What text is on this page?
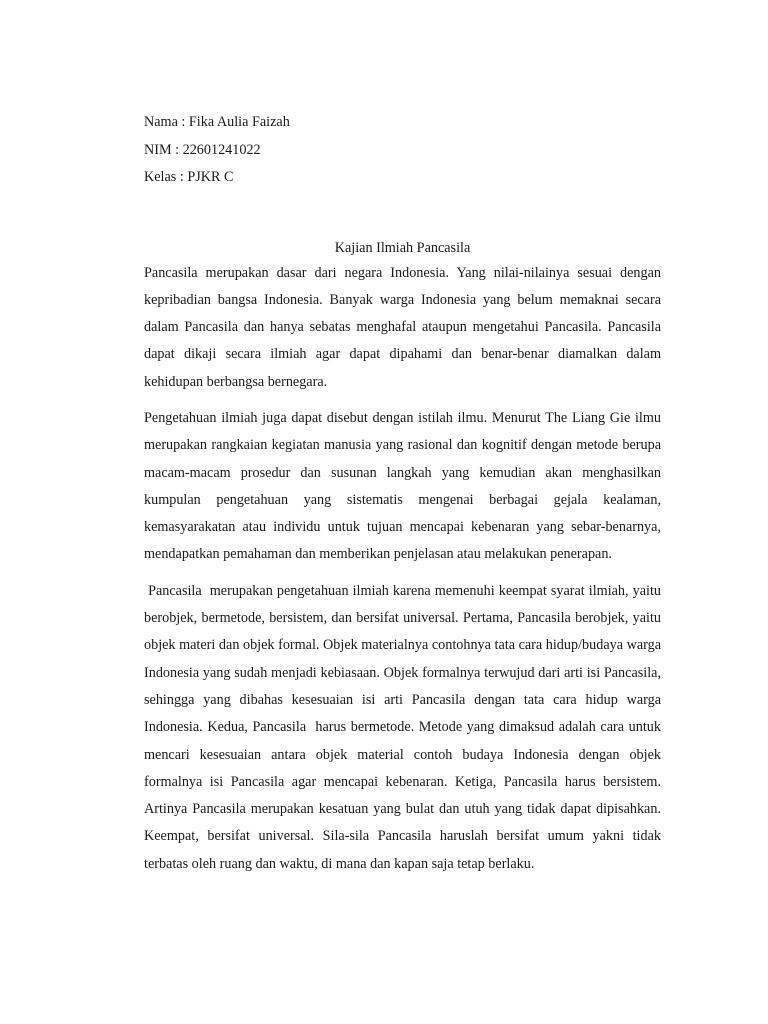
Nama : Fika Aulia Faizah

NIM : 22601241022

Kelas : PJKR C

Kajian Ilmiah Pancasila

Pancasila merupakan dasar dari negara Indonesia. Yang nilai-nilainya sesuai dengan kepribadian bangsa Indonesia. Banyak warga Indonesia yang belum memaknai secara dalam Pancasila dan hanya sebatas menghafal ataupun mengetahui Pancasila. Pancasila dapat dikaji secara ilmiah agar dapat dipahami dan benar-benar diamalkan dalam kehidupan berbangsa bernegara.

Pengetahuan ilmiah juga dapat disebut dengan istilah ilmu. Menurut The Liang Gie ilmu merupakan rangkaian kegiatan manusia yang rasional dan kognitif dengan metode berupa macam-macam prosedur dan susunan langkah yang kemudian akan menghasilkan kumpulan pengetahuan yang sistematis mengenai berbagai gejala kealaman, kemasyarakatan atau individu untuk tujuan mencapai kebenaran yang sebar-benarnya, mendapatkan pemahaman dan memberikan penjelasan atau melakukan penerapan.

Pancasila  merupakan pengetahuan ilmiah karena memenuhi keempat syarat ilmiah, yaitu berobjek, bermetode, bersistem, dan bersifat universal. Pertama, Pancasila berobjek, yaitu objek materi dan objek formal. Objek materialnya contohnya tata cara hidup/budaya warga Indonesia yang sudah menjadi kebiasaan. Objek formalnya terwujud dari arti isi Pancasila, sehingga yang dibahas kesesuaian isi arti Pancasila dengan tata cara hidup warga Indonesia. Kedua, Pancasila  harus bermetode. Metode yang dimaksud adalah cara untuk mencari kesesuaian antara objek material contoh budaya Indonesia dengan objek formalnya isi Pancasila agar mencapai kebenaran. Ketiga, Pancasila harus bersistem. Artinya Pancasila merupakan kesatuan yang bulat dan utuh yang tidak dapat dipisahkan. Keempat, bersifat universal. Sila-sila Pancasila haruslah bersifat umum yakni tidak terbatas oleh ruang dan waktu, di mana dan kapan saja tetap berlaku.
